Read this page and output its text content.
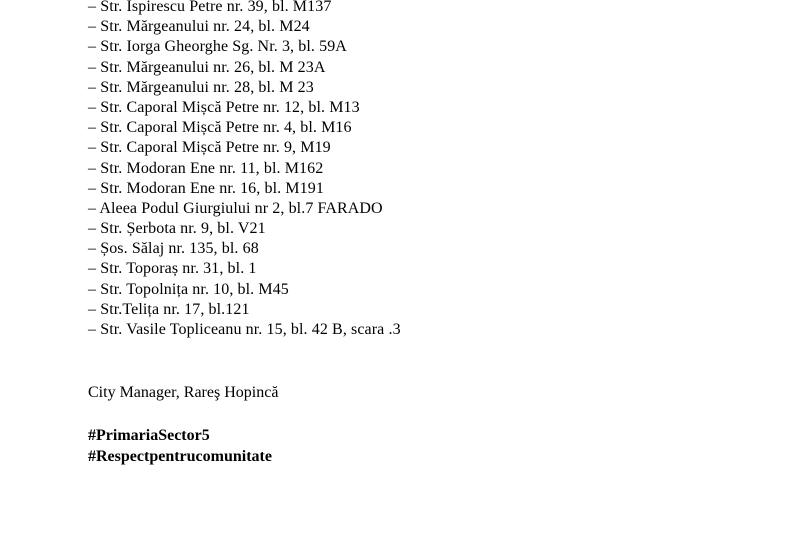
– Str. Ispirescu Petre nr. 39, bl. M137
– Str. Mărgeanului nr. 24, bl. M24
– Str. Iorga Gheorghe Sg. Nr. 3, bl. 59A
– Str. Mărgeanului nr. 26, bl. M 23A
– Str. Mărgeanului nr. 28, bl. M 23
– Str. Caporal Mișcă Petre nr. 12, bl. M13
– Str. Caporal Mișcă Petre nr. 4, bl. M16
– Str. Caporal Mișcă Petre nr. 9, M19
– Str. Modoran Ene nr. 11, bl. M162
– Str. Modoran Ene nr. 16, bl. M191
– Aleea Podul Giurgiului nr 2, bl.7 FARADO
– Str. Șerbota nr. 9, bl. V21
– Șos. Sălaj nr. 135, bl. 68
– Str. Toporaș nr. 31, bl. 1
– Str. Topolnița nr. 10, bl. M45
– Str.Telița nr. 17, bl.121
– Str. Vasile Topliceanu nr. 15, bl. 42 B, scara .3
City Manager, Rareş Hopincă
#PrimariaSector5
#Respectpentrucomunitate
